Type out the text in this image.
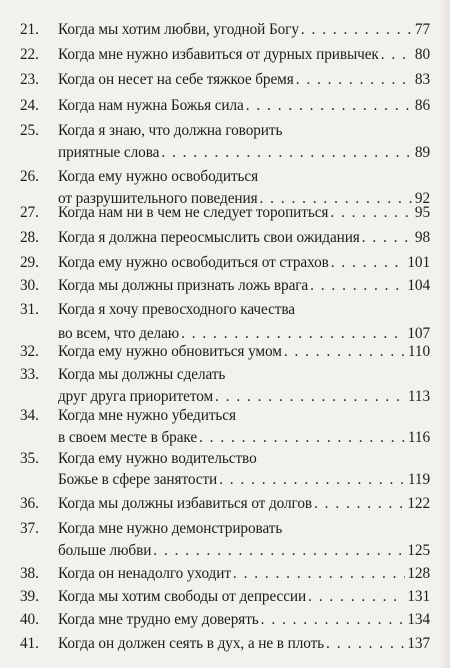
21.	Когда мы хотим любви, угодной Богу . . .	77
22.	Когда мне нужно избавиться от дурных привычек . . . 80
23.	Когда он несет на себе тяжкое бремя . . .	83
24.	Когда нам нужна Божья сила . . .	86
25.	Когда я знаю, что должна говорить
приятные слова . . .	89
26.	Когда ему нужно освободиться
от разрушительного поведения . . .	92
27.	Когда нам ни в чем не следует торопиться . . .	95
28.	Когда я должна переосмыслить свои ожидания . . .	98
29.	Когда ему нужно освободиться от страхов . . .	101
30.	Когда мы должны признать ложь врага . . .	104
31.	Когда я хочу превосходного качества
во всем, что делаю . . .	107
32.	Когда ему нужно обновиться умом . . .	110
33.	Когда мы должны сделать
друг друга приоритетом . . .	113
34.	Когда мне нужно убедиться
в своем месте в браке . . .	116
35.	Когда ему нужно водительство
Божье в сфере занятости . . .	119
36.	Когда мы должны избавиться от долгов . . .	122
37.	Когда мне нужно демонстрировать
больше любви . . .	125
38.	Когда он ненадолго уходит . . .	128
39.	Когда мы хотим свободы от депрессии . . .	131
40.	Когда мне трудно ему доверять . . .	134
41.	Когда он должен сеять в дух, а не в плоть . . .	137
